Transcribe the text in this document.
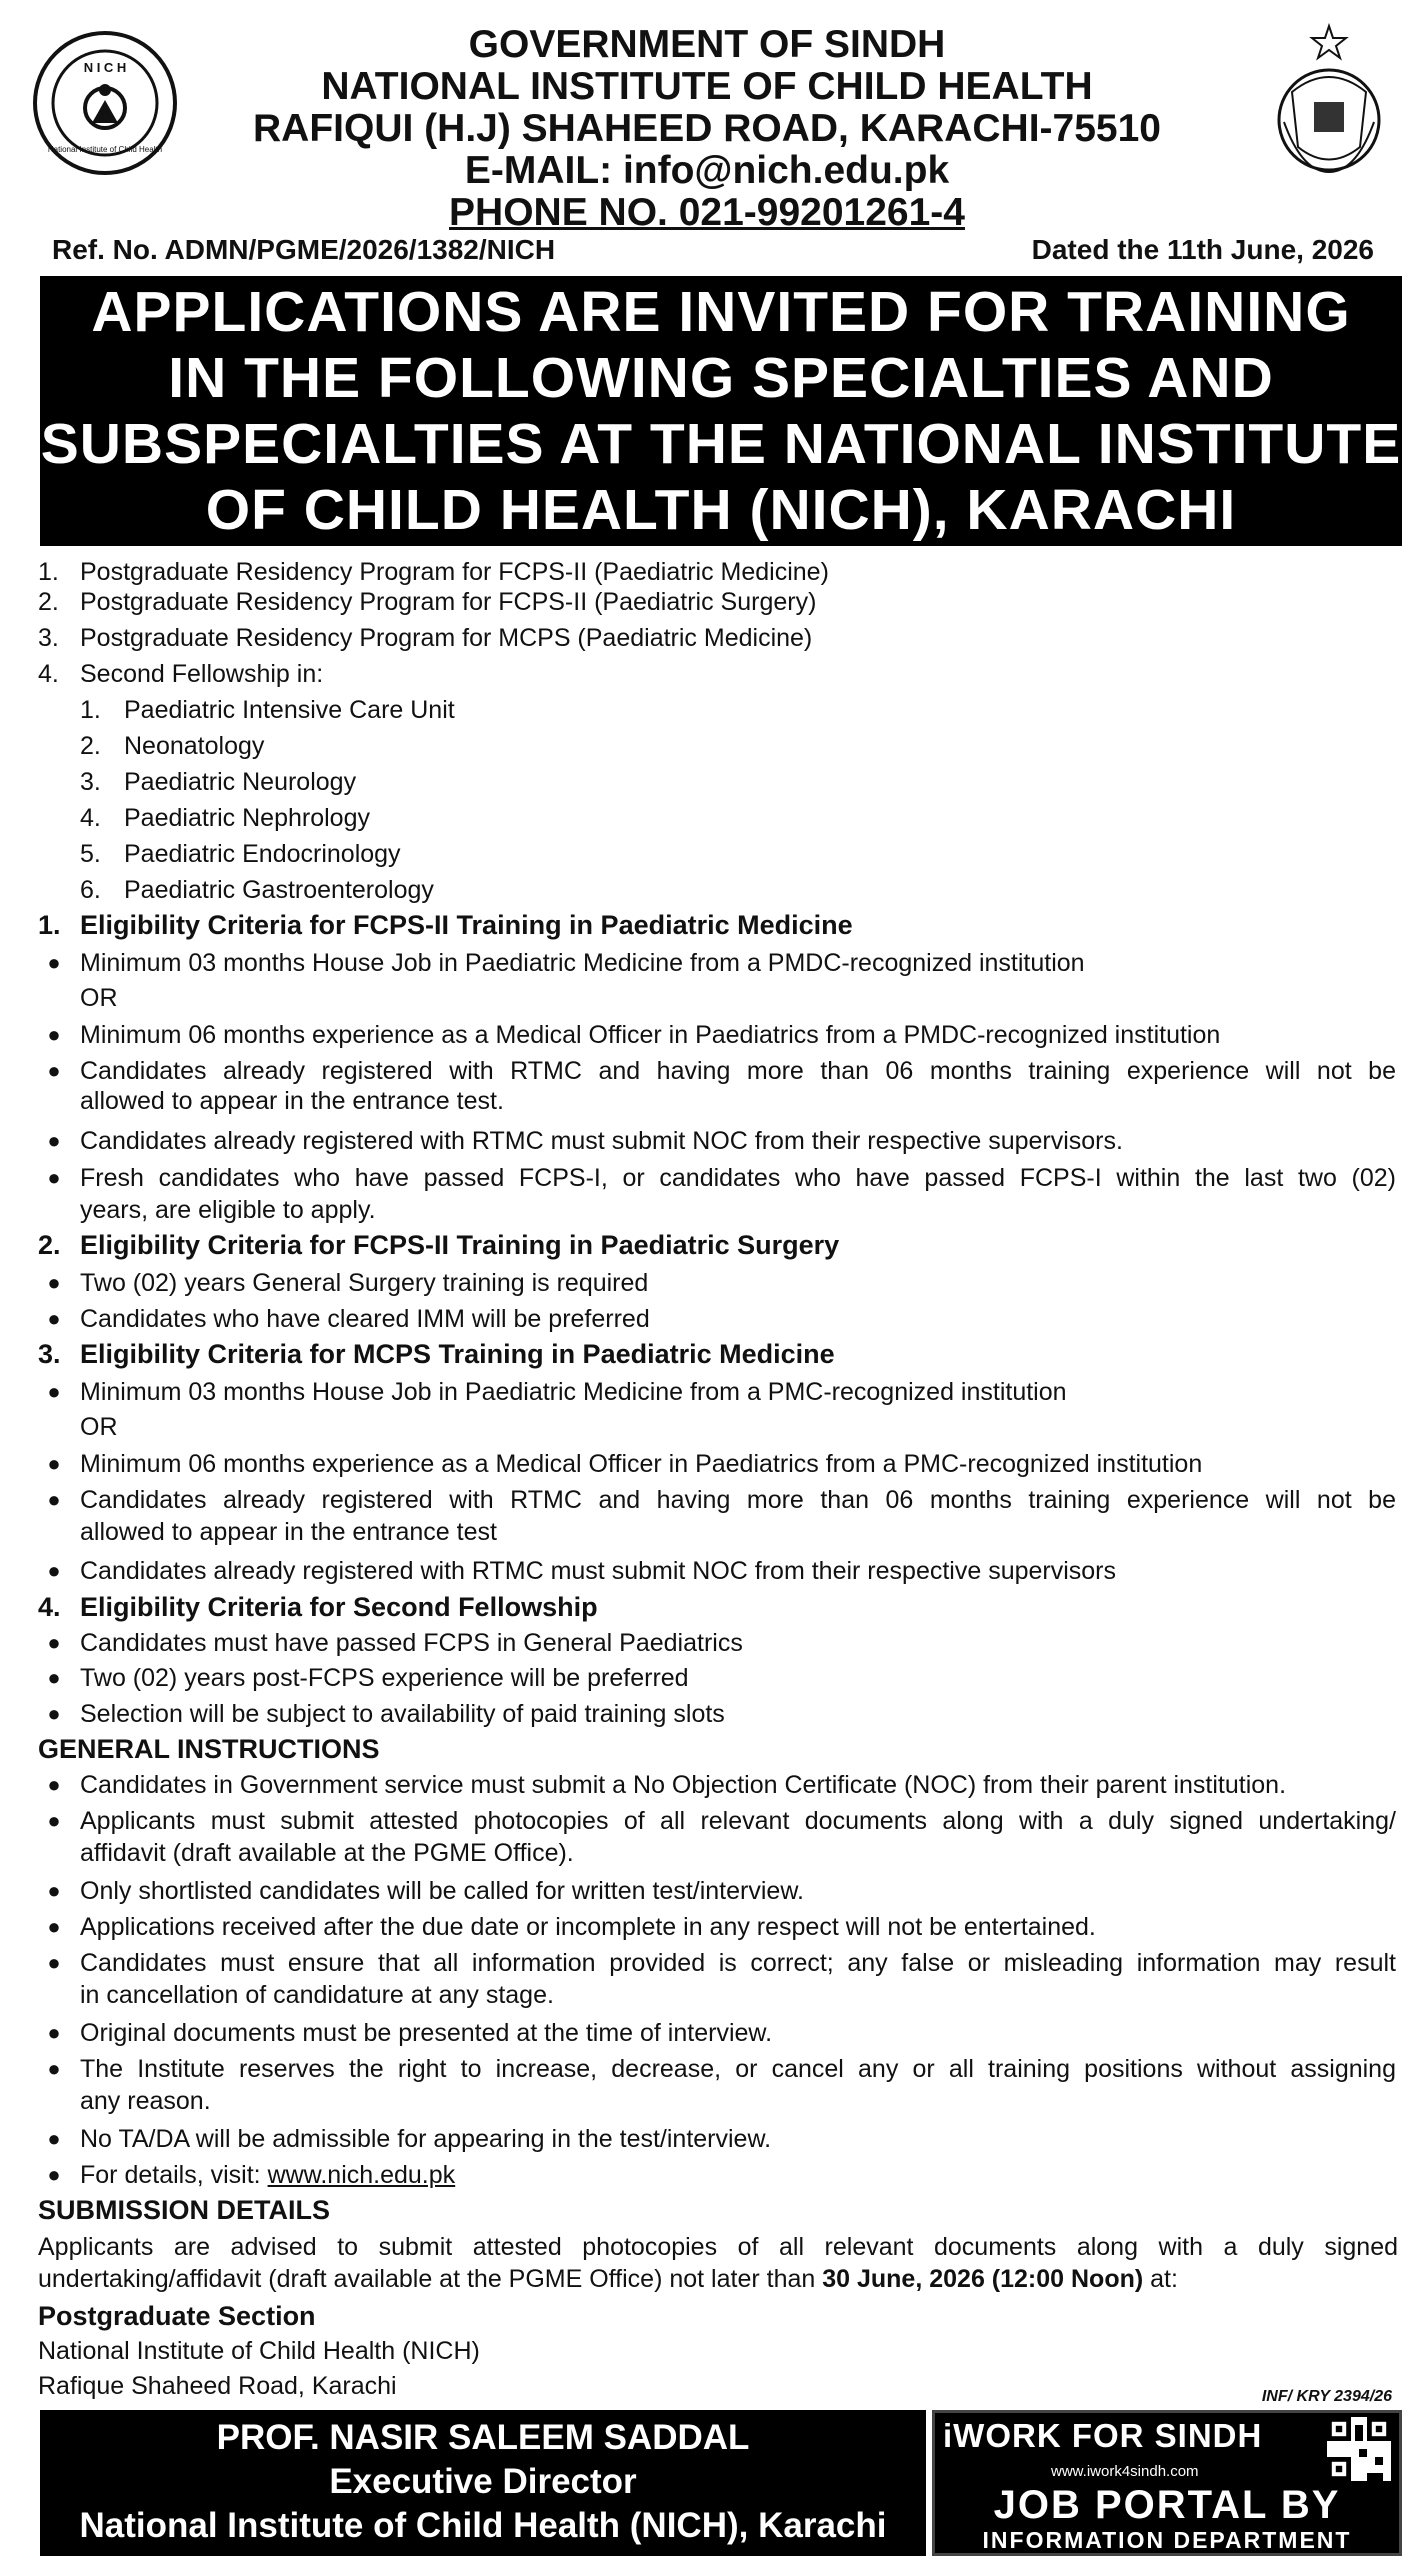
N I C H
National Institute of Child Health
GOVERNMENT OF SINDH
NATIONAL INSTITUTE OF CHILD HEALTH
RAFIQUI (H.J) SHAHEED ROAD, KARACHI-75510
E-MAIL: info@nich.edu.pk
PHONE NO. 021-99201261-4
Ref. No. ADMN/PGME/2026/1382/NICH	Dated the 11th June, 2026
APPLICATIONS ARE INVITED FOR TRAINING
IN THE FOLLOWING SPECIALTIES AND
SUBSPECIALTIES AT THE NATIONAL INSTITUTE
OF CHILD HEALTH (NICH), KARACHI
1. Postgraduate Residency Program for FCPS-II (Paediatric Medicine)
2. Postgraduate Residency Program for FCPS-II (Paediatric Surgery)
3. Postgraduate Residency Program for MCPS (Paediatric Medicine)
4. Second Fellowship in:
1. Paediatric Intensive Care Unit
2. Neonatology
3. Paediatric Neurology
4. Paediatric Nephrology
5. Paediatric Endocrinology
6. Paediatric Gastroenterology
1. Eligibility Criteria for FCPS-II Training in Paediatric Medicine
● Minimum 03 months House Job in Paediatric Medicine from a PMDC-recognized institution
OR
● Minimum 06 months experience as a Medical Officer in Paediatrics from a PMDC-recognized institution
● Candidates already registered with RTMC and having more than 06 months training experience will not be
allowed to appear in the entrance test.
● Candidates already registered with RTMC must submit NOC from their respective supervisors.
● Fresh candidates who have passed FCPS-I, or candidates who have passed FCPS-I within the last two (02)
years, are eligible to apply.
2. Eligibility Criteria for FCPS-II Training in Paediatric Surgery
● Two (02) years General Surgery training is required
● Candidates who have cleared IMM will be preferred
3. Eligibility Criteria for MCPS Training in Paediatric Medicine
● Minimum 03 months House Job in Paediatric Medicine from a PMC-recognized institution
OR
● Minimum 06 months experience as a Medical Officer in Paediatrics from a PMC-recognized institution
● Candidates already registered with RTMC and having more than 06 months training experience will not be
allowed to appear in the entrance test
● Candidates already registered with RTMC must submit NOC from their respective supervisors
4. Eligibility Criteria for Second Fellowship
● Candidates must have passed FCPS in General Paediatrics
● Two (02) years post-FCPS experience will be preferred
● Selection will be subject to availability of paid training slots
GENERAL INSTRUCTIONS
● Candidates in Government service must submit a No Objection Certificate (NOC) from their parent institution.
● Applicants must submit attested photocopies of all relevant documents along with a duly signed undertaking/
affidavit (draft available at the PGME Office).
● Only shortlisted candidates will be called for written test/interview.
● Applications received after the due date or incomplete in any respect will not be entertained.
● Candidates must ensure that all information provided is correct; any false or misleading information may result
in cancellation of candidature at any stage.
● Original documents must be presented at the time of interview.
● The Institute reserves the right to increase, decrease, or cancel any or all training positions without assigning
any reason.
● No TA/DA will be admissible for appearing in the test/interview.
● For details, visit: www.nich.edu.pk
SUBMISSION DETAILS
Applicants are advised to submit attested photocopies of all relevant documents along with a duly signed
undertaking/affidavit (draft available at the PGME Office) not later than 30 June, 2026 (12:00 Noon) at:
Postgraduate Section
National Institute of Child Health (NICH)
Rafique Shaheed Road, Karachi	INF/ KRY 2394/26
PROF. NASIR SALEEM SADDAL
Executive Director
National Institute of Child Health (NICH), Karachi
iWORK FOR SINDH
www.iwork4sindh.com
JOB PORTAL BY
INFORMATION DEPARTMENT
